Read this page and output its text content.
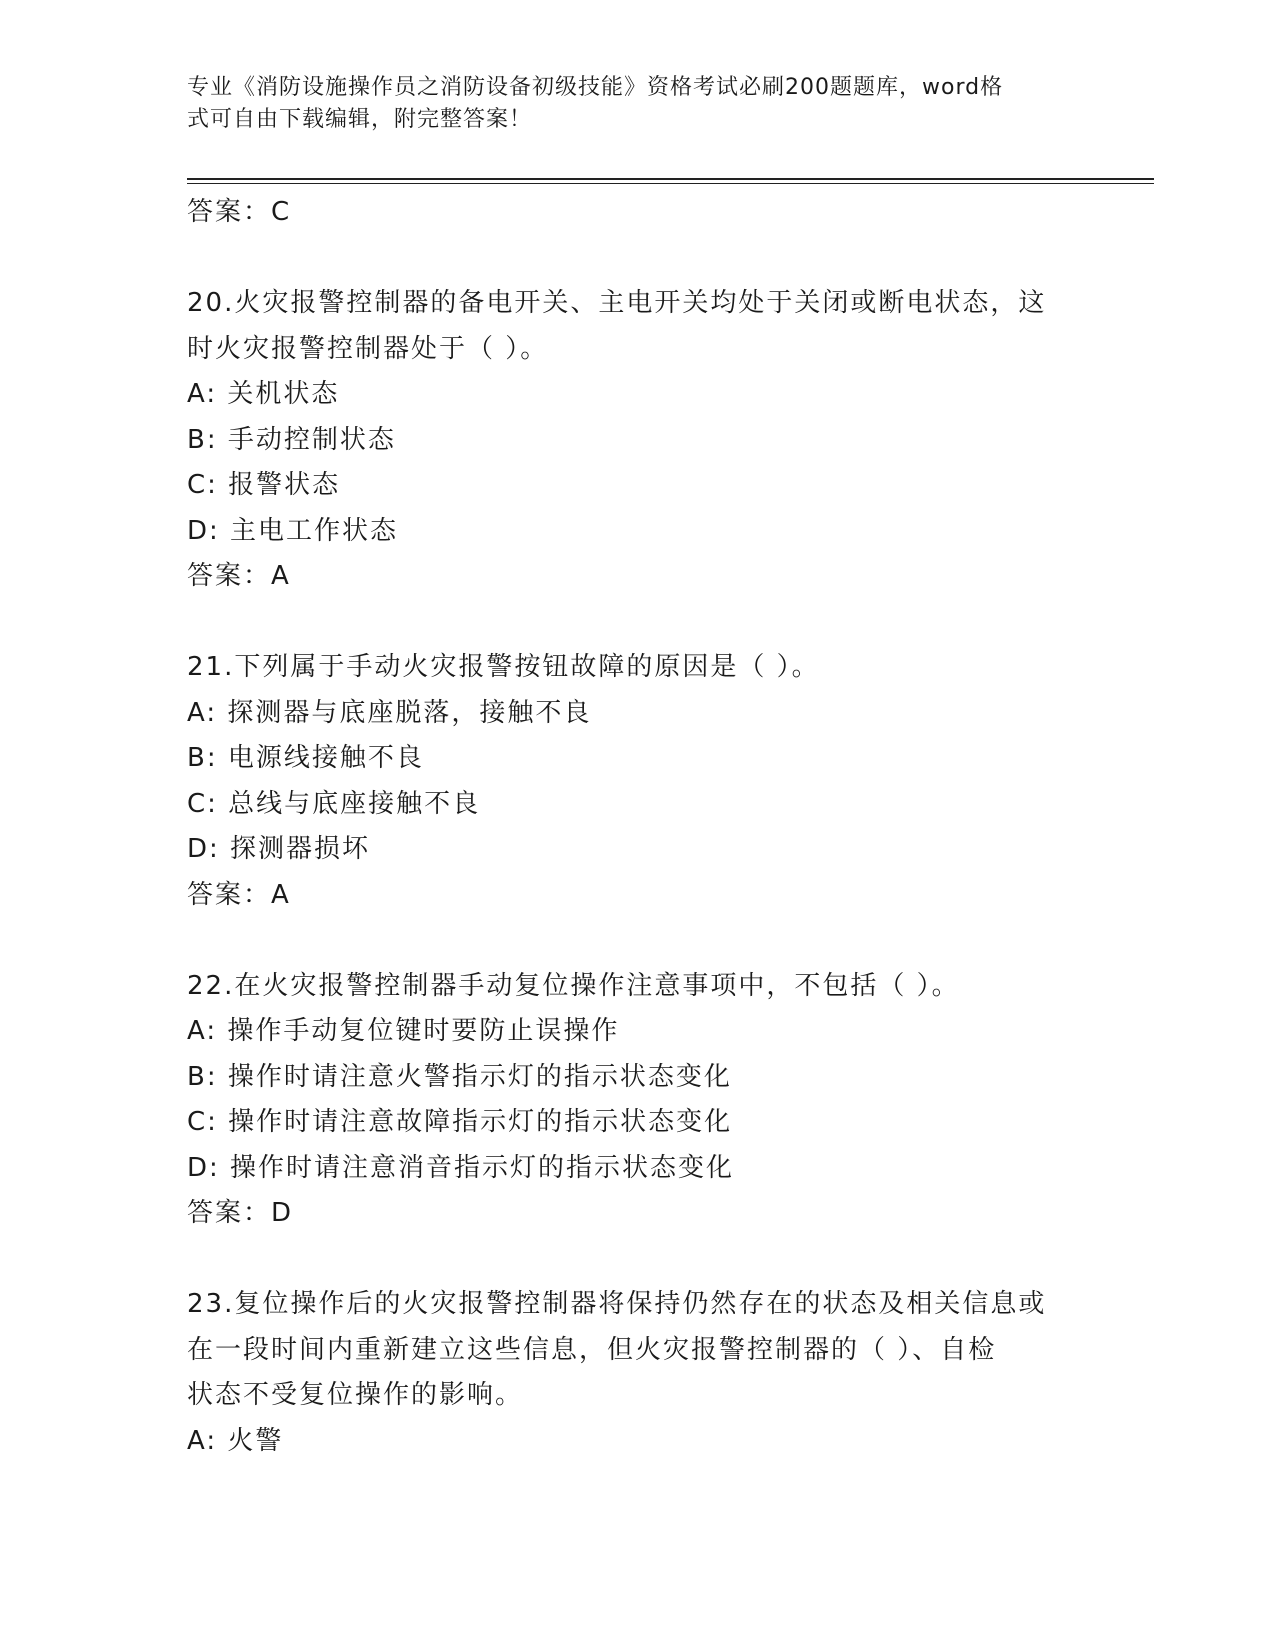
专业《消防设施操作员之消防设备初级技能》资格考试必刷200题题库，word格
式可自由下载编辑，附完整答案！
答案：C
20.火灾报警控制器的备电开关、主电开关均处于关闭或断电状态，这
时火灾报警控制器处于（ ）。
A: 关机状态
B: 手动控制状态
C: 报警状态
D: 主电工作状态
答案：A
21.下列属于手动火灾报警按钮故障的原因是（ ）。
A: 探测器与底座脱落，接触不良
B: 电源线接触不良
C: 总线与底座接触不良
D: 探测器损坏
答案：A
22.在火灾报警控制器手动复位操作注意事项中，不包括（ ）。
A: 操作手动复位键时要防止误操作
B: 操作时请注意火警指示灯的指示状态变化
C: 操作时请注意故障指示灯的指示状态变化
D: 操作时请注意消音指示灯的指示状态变化
答案：D
23.复位操作后的火灾报警控制器将保持仍然存在的状态及相关信息或
在一段时间内重新建立这些信息，但火灾报警控制器的（ ）、自检
状态不受复位操作的影响。
A: 火警
